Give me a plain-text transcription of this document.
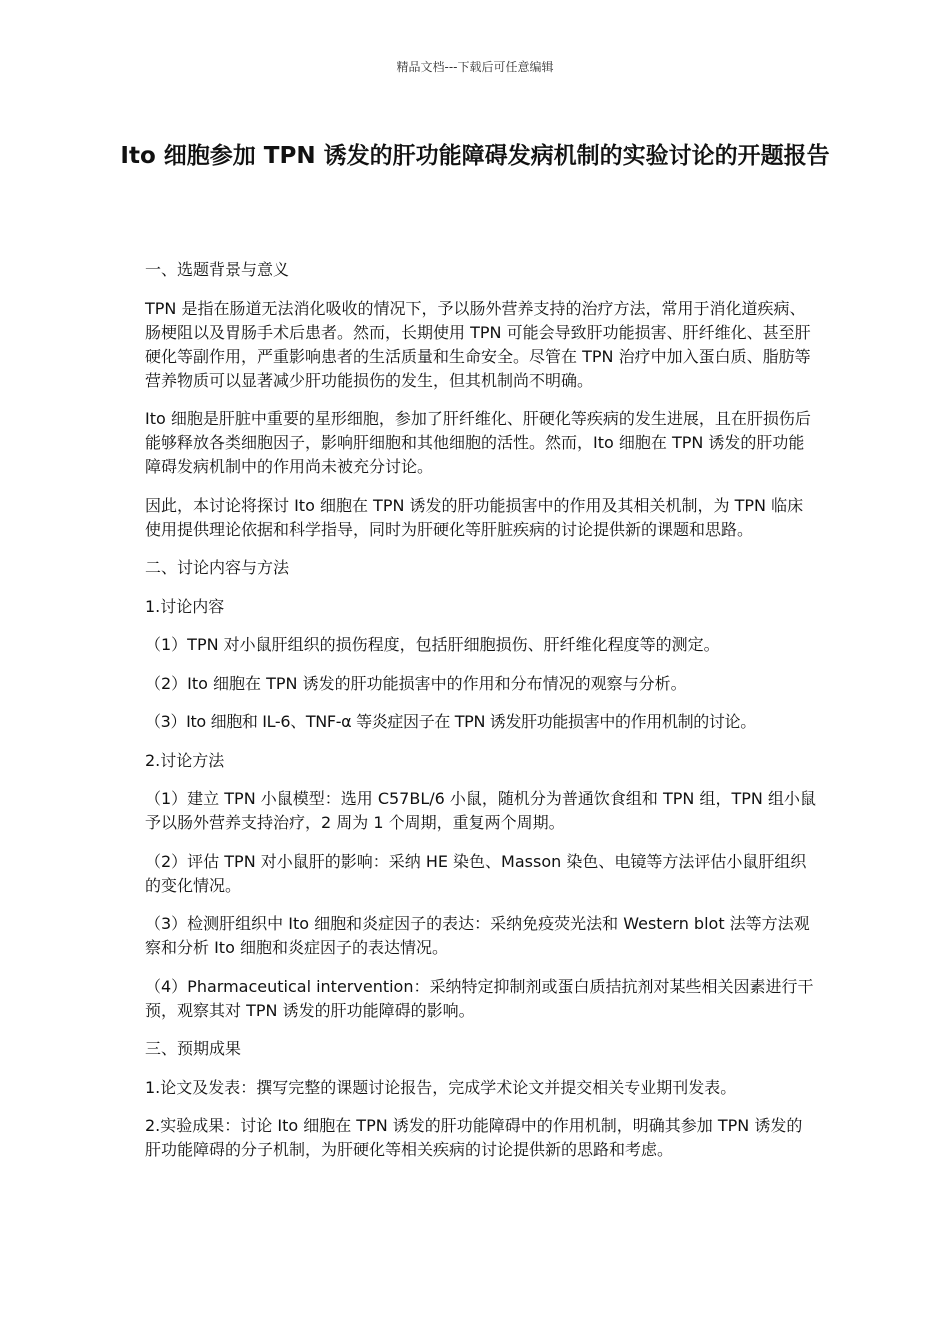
精品文档---下载后可任意编辑
Ito 细胞参加 TPN 诱发的肝功能障碍发病机制的实验讨论的开题报告

一、选题背景与意义

TPN 是指在肠道无法消化吸收的情况下，予以肠外营养支持的治疗方法，常用于消化道疾病、肠梗阻以及胃肠手术后患者。然而，长期使用 TPN 可能会导致肝功能损害、肝纤维化、甚至肝硬化等副作用，严重影响患者的生活质量和生命安全。尽管在 TPN 治疗中加入蛋白质、脂肪等营养物质可以显著减少肝功能损伤的发生，但其机制尚不明确。

Ito 细胞是肝脏中重要的星形细胞，参加了肝纤维化、肝硬化等疾病的发生进展，且在肝损伤后能够释放各类细胞因子，影响肝细胞和其他细胞的活性。然而，Ito 细胞在 TPN 诱发的肝功能障碍发病机制中的作用尚未被充分讨论。

因此，本讨论将探讨 Ito 细胞在 TPN 诱发的肝功能损害中的作用及其相关机制，为 TPN 临床使用提供理论依据和科学指导，同时为肝硬化等肝脏疾病的讨论提供新的课题和思路。

二、讨论内容与方法

1.讨论内容

（1）TPN 对小鼠肝组织的损伤程度，包括肝细胞损伤、肝纤维化程度等的测定。

（2）Ito 细胞在 TPN 诱发的肝功能损害中的作用和分布情况的观察与分析。

（3）Ito 细胞和 IL-6、TNF-α 等炎症因子在 TPN 诱发肝功能损害中的作用机制的讨论。

2.讨论方法

（1）建立 TPN 小鼠模型：选用 C57BL/6 小鼠，随机分为普通饮食组和 TPN 组，TPN 组小鼠予以肠外营养支持治疗，2 周为 1 个周期，重复两个周期。

（2）评估 TPN 对小鼠肝的影响：采纳 HE 染色、Masson 染色、电镜等方法评估小鼠肝组织的变化情况。

（3）检测肝组织中 Ito 细胞和炎症因子的表达：采纳免疫荧光法和 Western blot 法等方法观察和分析 Ito 细胞和炎症因子的表达情况。

（4）Pharmaceutical intervention：采纳特定抑制剂或蛋白质拮抗剂对某些相关因素进行干预，观察其对 TPN 诱发的肝功能障碍的影响。

三、预期成果

1.论文及发表：撰写完整的课题讨论报告，完成学术论文并提交相关专业期刊发表。

2.实验成果：讨论 Ito 细胞在 TPN 诱发的肝功能障碍中的作用机制，明确其参加 TPN 诱发的肝功能障碍的分子机制，为肝硬化等相关疾病的讨论提供新的思路和考虑。
